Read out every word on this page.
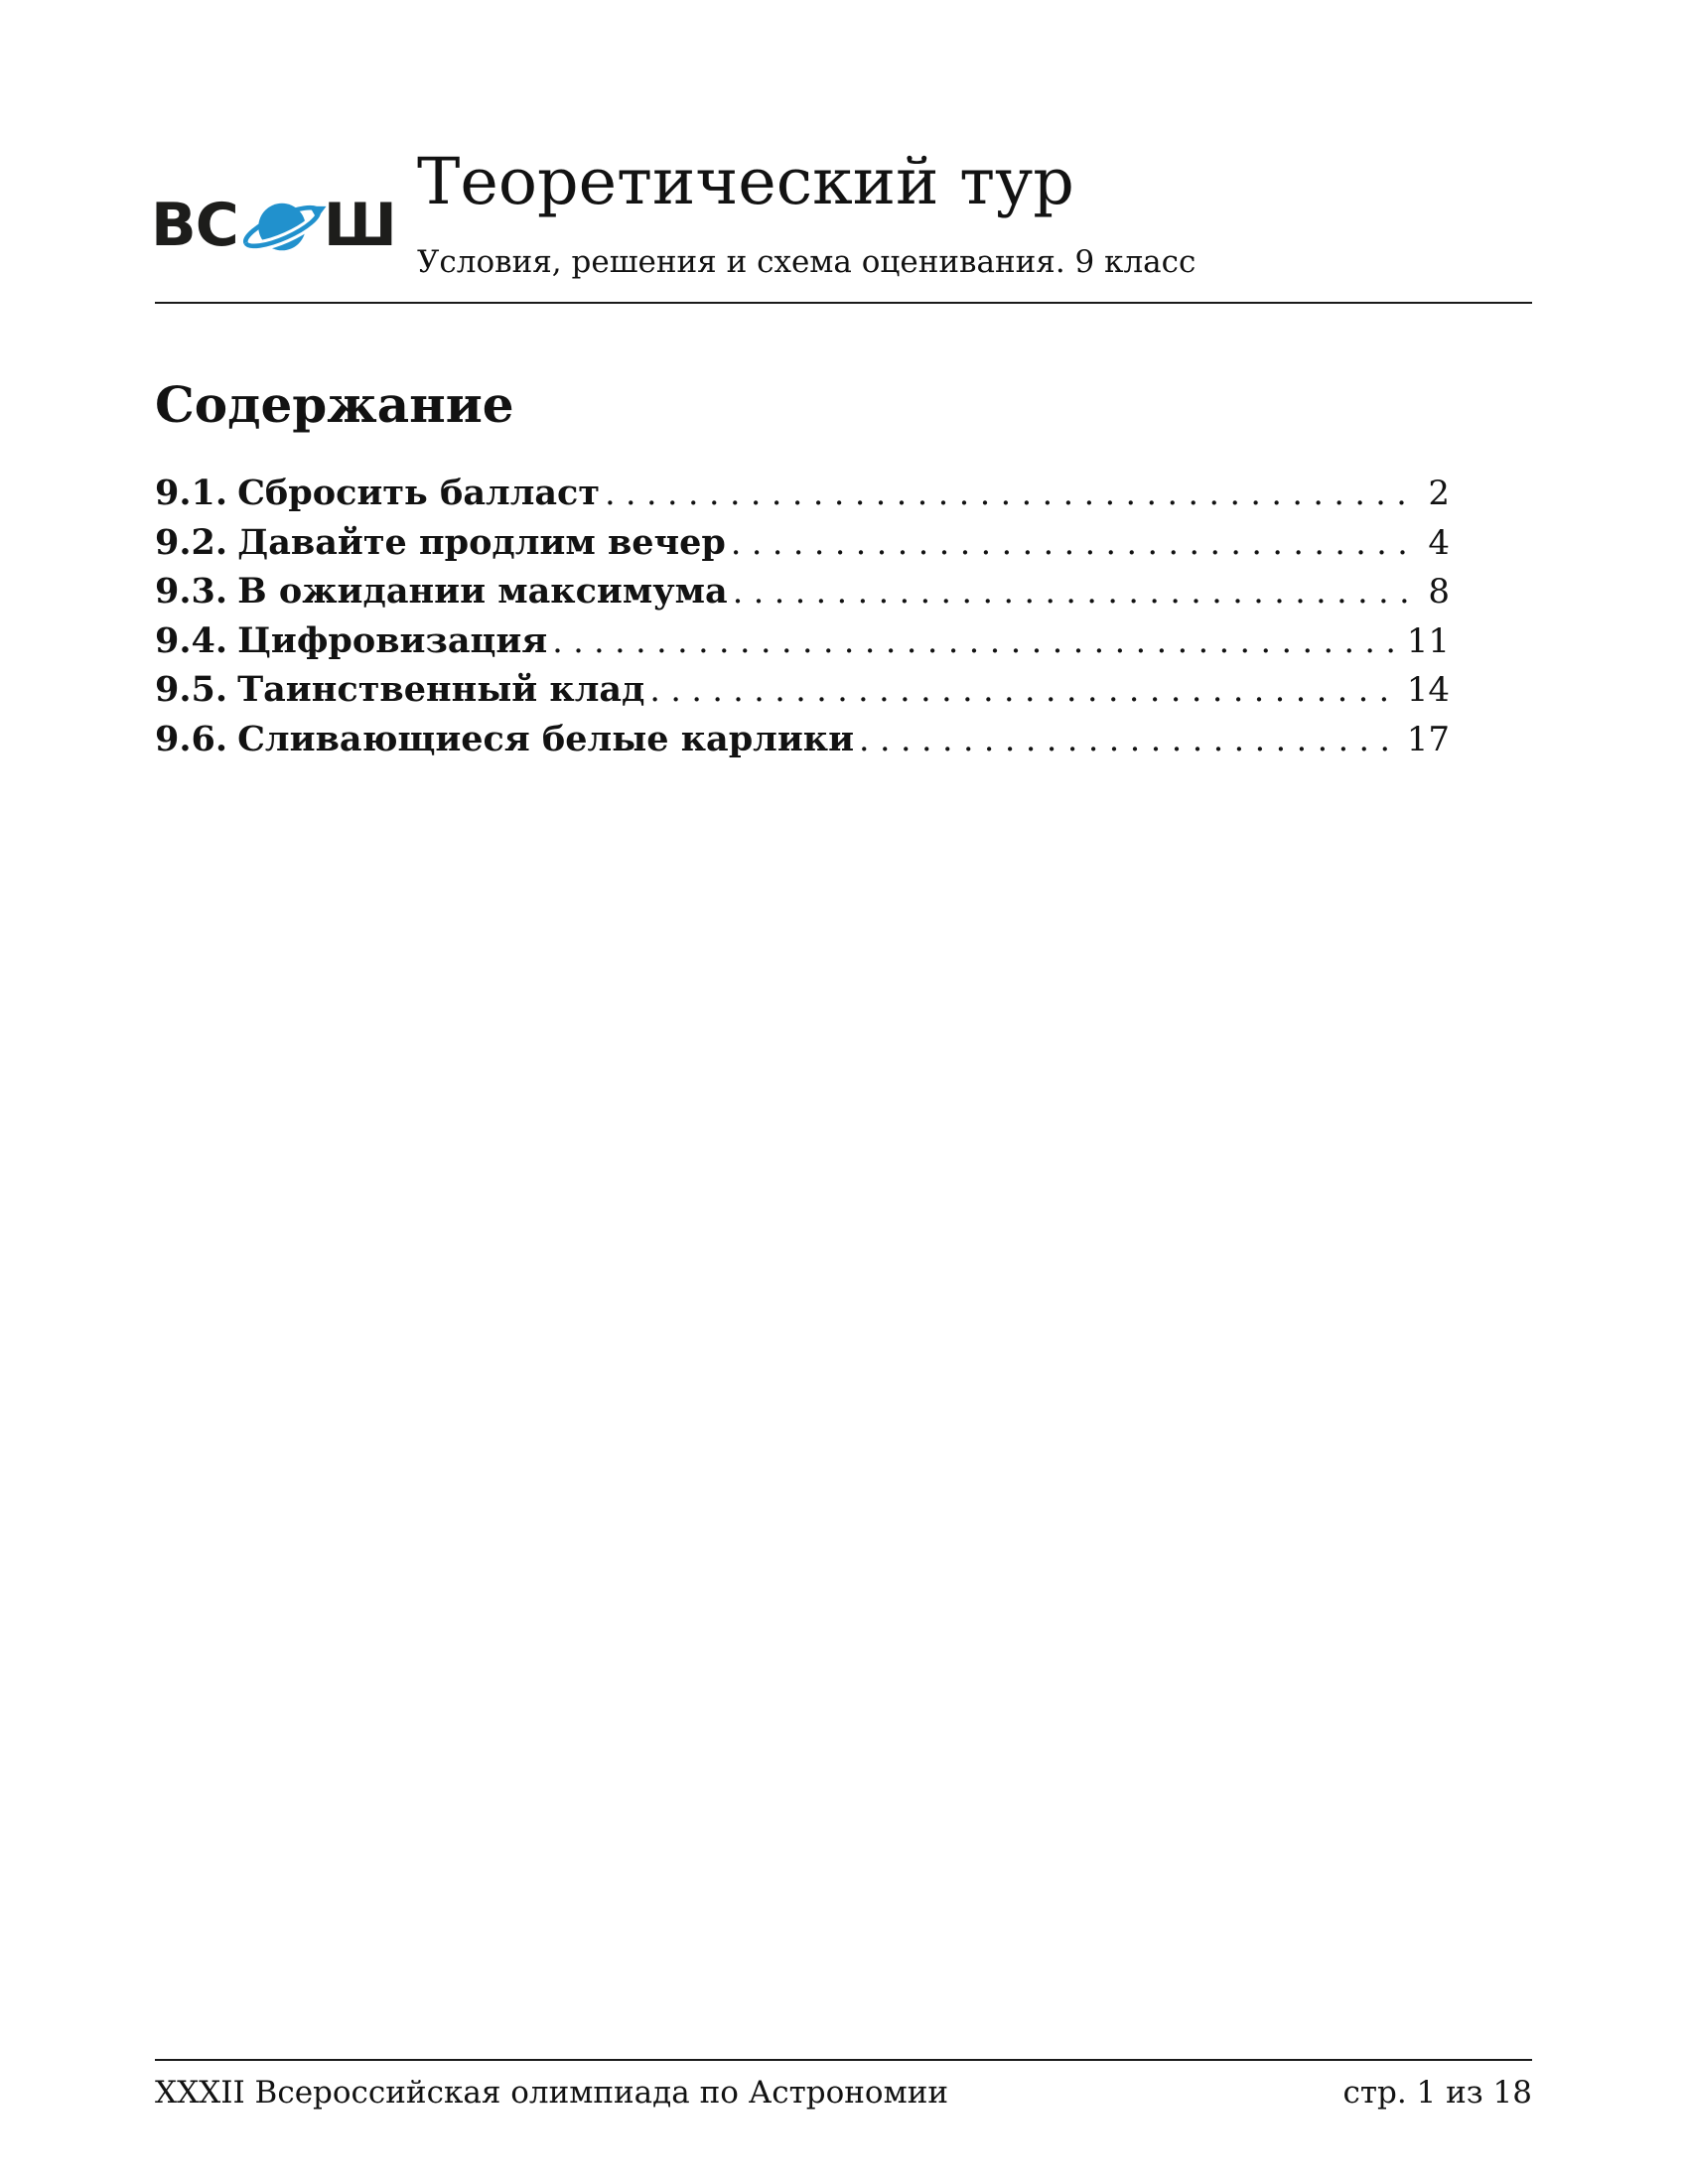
ВС Ш
Теоретический тур
Условия, решения и схема оценивания. 9 класс
Содержание
9.1. Сбросить балласт . . .	2
9.2. Давайте продлим вечер . . .	4
9.3. В ожидании максимума . . .	8
9.4. Цифровизация . . .	11
9.5. Таинственный клад . . .	14
9.6. Сливающиеся белые карлики . . .	17
XXXII Всероссийская олимпиада по Астрономии	стр. 1 из 18
